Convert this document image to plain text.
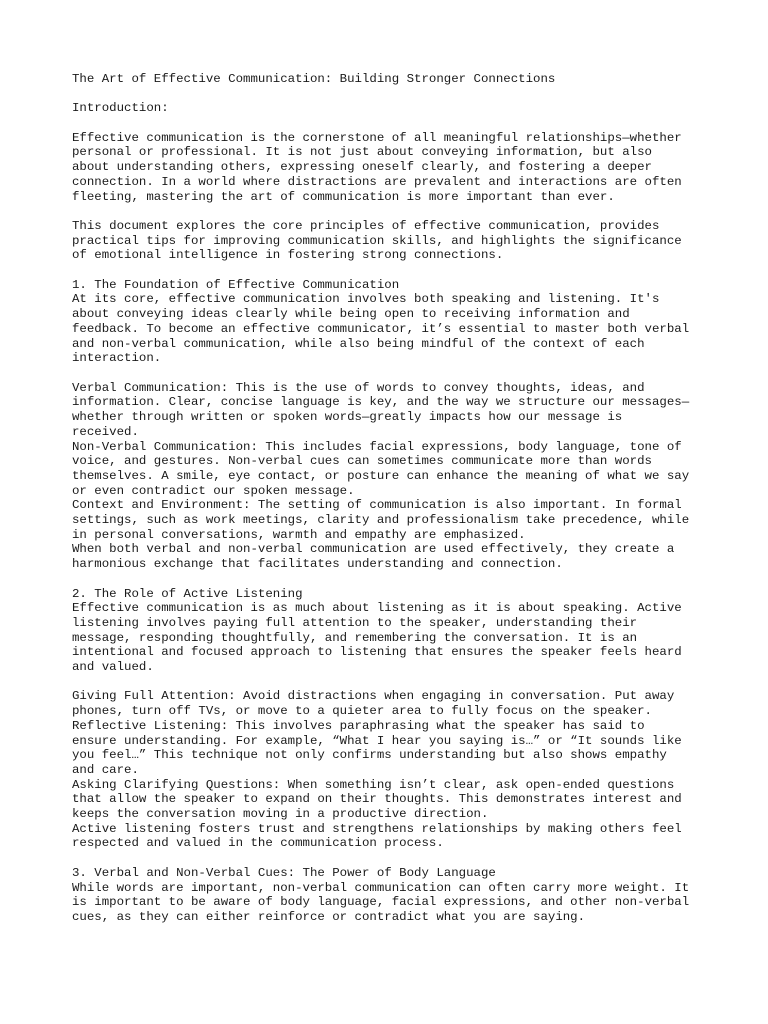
The Art of Effective Communication: Building Stronger Connections

Introduction:

Effective communication is the cornerstone of all meaningful relationships—whether
personal or professional. It is not just about conveying information, but also
about understanding others, expressing oneself clearly, and fostering a deeper
connection. In a world where distractions are prevalent and interactions are often
fleeting, mastering the art of communication is more important than ever.

This document explores the core principles of effective communication, provides
practical tips for improving communication skills, and highlights the significance
of emotional intelligence in fostering strong connections.

1. The Foundation of Effective Communication

At its core, effective communication involves both speaking and listening. It's
about conveying ideas clearly while being open to receiving information and
feedback. To become an effective communicator, it’s essential to master both verbal
and non-verbal communication, while also being mindful of the context of each
interaction.

Verbal Communication: This is the use of words to convey thoughts, ideas, and
information. Clear, concise language is key, and the way we structure our messages—
whether through written or spoken words—greatly impacts how our message is
received.

Non-Verbal Communication: This includes facial expressions, body language, tone of
voice, and gestures. Non-verbal cues can sometimes communicate more than words
themselves. A smile, eye contact, or posture can enhance the meaning of what we say
or even contradict our spoken message.

Context and Environment: The setting of communication is also important. In formal
settings, such as work meetings, clarity and professionalism take precedence, while
in personal conversations, warmth and empathy are emphasized.

When both verbal and non-verbal communication are used effectively, they create a
harmonious exchange that facilitates understanding and connection.

2. The Role of Active Listening

Effective communication is as much about listening as it is about speaking. Active
listening involves paying full attention to the speaker, understanding their
message, responding thoughtfully, and remembering the conversation. It is an
intentional and focused approach to listening that ensures the speaker feels heard
and valued.

Giving Full Attention: Avoid distractions when engaging in conversation. Put away
phones, turn off TVs, or move to a quieter area to fully focus on the speaker.

Reflective Listening: This involves paraphrasing what the speaker has said to
ensure understanding. For example, “What I hear you saying is…” or “It sounds like
you feel…” This technique not only confirms understanding but also shows empathy
and care.

Asking Clarifying Questions: When something isn’t clear, ask open-ended questions
that allow the speaker to expand on their thoughts. This demonstrates interest and
keeps the conversation moving in a productive direction.

Active listening fosters trust and strengthens relationships by making others feel
respected and valued in the communication process.

3. Verbal and Non-Verbal Cues: The Power of Body Language

While words are important, non-verbal communication can often carry more weight. It
is important to be aware of body language, facial expressions, and other non-verbal
cues, as they can either reinforce or contradict what you are saying.
